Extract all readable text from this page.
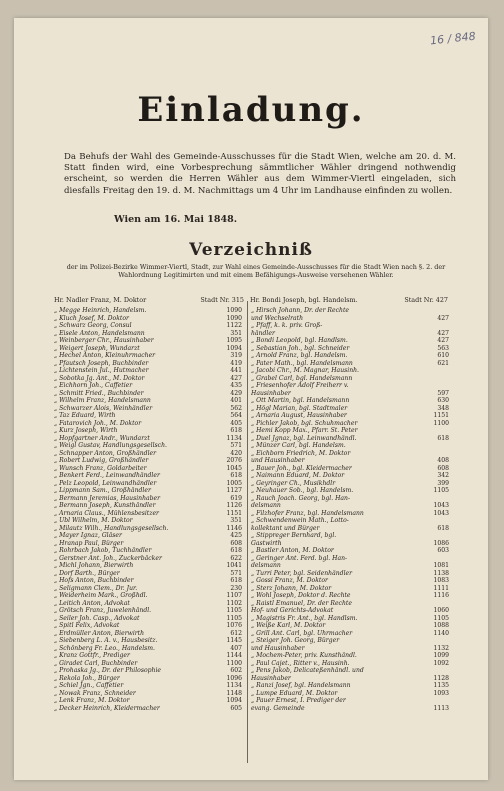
16 / 848
Einladung.
Da Behufs der Wahl des Gemeinde-Ausschusses für die Stadt Wien, welche am 20. d. M. Statt finden wird, eine Vorbesprechung sämmtlicher Wähler dringend nothwendig erscheint, so werden die Herren Wähler aus dem Wimmer-Viertl eingeladen, sich diesfalls Freitag den 19. d. M. Nachmittags um 4 Uhr im Landhause einfinden zu wollen.
Wien am 16. Mai 1848.
Verzeichniß
der im Polizei-Bezirke Wimmer-Viertl, Stadt, zur Wahl eines Gemeinde-Ausschusses für die Stadt Wien nach §. 2. der Wahlordnung Legitimirten und mit einem Befähigungs-Ausweise versehenen Wähler.
Hr. Nadler Franz, M. Doktor	Stadt Nr. 315 Hr. Bondi Joseph, bgl. Handelsm.	Stadt Nr. 427
„ Megge Heinrich, Handelsm.	1090
„ Kluch Josef, M. Doktor	1090
„ Schwarz Georg, Consul	1122
„ Eisele Anton, Handelsmann	351
„ Weinberger Chr., Hausinhaber	1095
„ Weigert Joseph, Wundarzt	1094
„ Hechel Anton, Kleinuhrmacher	319
„ Pfautsch Joseph, Buchbinder	419
„ Lichtenstein Jul., Hutmacher	441
„ Sobotka Jg. Ant., M. Doktor	427
„ Eichhorn Joh., Caffetier	435
„ Schmitt Fried., Buchbinder	429
„ Wilhelm Franz, Handelsmann	401
„ Schwarzer Alois, Weinhändler	562
„ Taz Eduard, Wirth	564
„ Fatarovich Joh., M. Doktor	405
„ Kurz Joseph, Wirth	618
„ Hopfgartner Andr., Wundarzt	1134
„ Weigl Gustav, Handlungsgesellsch.	571
„ Schnapper Anton, Großhändler	420
„ Robert Ludwig, Großhändler	2076
„ Wunsch Franz, Goldarbeiter	1045
„ Benkert Ferd., Leinwandhändler	618
„ Pelz Leopold, Leinwandhändler	1005
„ Lippmann Sam., Großhändler	1127
„ Bermann Jeremias, Hausinhaber	619
„ Bermann Joseph, Kunsthändler	1126
„ Arnaria Claus., Mühlensbesitzer	1151
„ Ubl Wilhelm, M. Doktor	351
„ Milautz Wilh., Handlungsgesellsch.	1146
„ Mayer Ignaz, Gläser	425
„ Hranap Paul, Bürger	608
„ Rohrbach Jakob, Tuchhändler	618
„ Gerstner Ant. Joh., Zuckerbäcker	622
„ Michl Johann, Bierwirth	1041
„ Dorf Barth., Bürger	571
„ Hofs Anton, Buchbinder	618
„ Seligmann Clem., Dr. Jur.	230
„ Weiderheim Mark., Großhdl.	1107
„ Leitich Anton, Advokat	1102
„ Grötsch Franz, Juwelenhändl.	1105
„ Seiler Joh. Casp., Advokat	1105
„ Spitl Felix, Advokat	1076
„ Erdmüller Anton, Bierwirth	612
„ Siebenberg L. A. v., Hausbesitz.	1145
„ Schönberg Fr. Leo., Handelsm.	407
„ Kranz Gottfr., Prediger	1144
„ Giradet Carl, Buchbinder	1100
„ Prohaska Jg., Dr. der Philosophie	602
„ Rekola Joh., Bürger	1096
„ Schiel Jgn., Caffetier	1134
„ Nowak Franz, Schneider	1148
„ Lenk Franz, M. Doktor	1094
„ Decker Heinrich, Kleidermacher	605
„ Hirsch Johann, Dr. der Rechte
und Wechselrath	427
„ Pfaff, k. k. priv. Groß-
händler	427
„ Bondi Leopold, bgl. Handlsm.	427
„ Sebastian Joh., bgl. Schneider	563
„ Arnold Franz, bgl. Handelsm.	610
„ Pater Math., bgl. Handelsmann	621
„ Jacobi Chr., M. Magnar, Hausinh.
„ Grabel Carl, bgl. Handelsmann
„ Friesenhofer Adolf Freiherr v.
Hausinhaber	597
„ Ott Martin, bgl. Handelsmann	630
„ Högl Marian, bgl. Stadtmaler	348
„ Arnaria August, Hausinhaber	1151
„ Pichler Jakob, bgl. Schuhmacher	1100
„ Hemi Kopp Max., Pfarr. St. Peter
„ Duel Jgnaz, bgl. Leinwandhändl.	618
„ Münzer Carl, bgl. Handelsm.
„ Eichborn Friedrich, M. Doktor
und Hausinhaber	408
„ Bauer Joh., bgl. Kleidermacher	608
„ Naimann Eduard, M. Doktor	342
„ Geyringer Ch., Musikhdlr	399
„ Neuhauer Sob., bgl. Handelsm.	1105
„ Rauch Joach. Georg, bgl. Han-
delsmann	1043
„ Filzhofer Franz, bgl. Handelsmann	1043
„ Schwendenwein Math., Lotto-
kollektant und Bürger	618
„ Stippreger Bernhard, bgl.
Gastwirth	1086
„ Bastler Anton, M. Doktor	603
„ Geringer Ant. Ferd. bgl. Han-
delsmann	1081
„ Turri Peter, bgl. Seidenhändler	1138
„ Gossi Franz, M. Doktor	1083
„ Sterz Johann, M. Doktor	1111
„ Wohl Joseph, Doktor d. Rechte	1116
„ Raistl Emanuel, Dr. der Rechte
Hof- und Gerichts-Advokat	1060
„ Magistris Fr. Ant., bgl. Handlsm.	1105
„ Weiße Karl, M. Doktor	1088
„ Grill Ant. Carl, bgl. Uhrmacher	1140
„ Steiger Joh. Georg, Bürger
und Hausinhaber	1132
„ Mochem-Peter, priv. Kunsthändl.	1099
„ Paul Cajet., Ritter v., Hausinh.	1092
„ Pens Jakob, Delicateßenhändl. und
Hausinhaber	1128
„ Ranzi Josef, bgl. Handelsmann	1135
„ Lumpe Eduard, M. Doktor	1093
„ Pauer Ernest, I. Prediger der
evang. Gemeinde	1113
